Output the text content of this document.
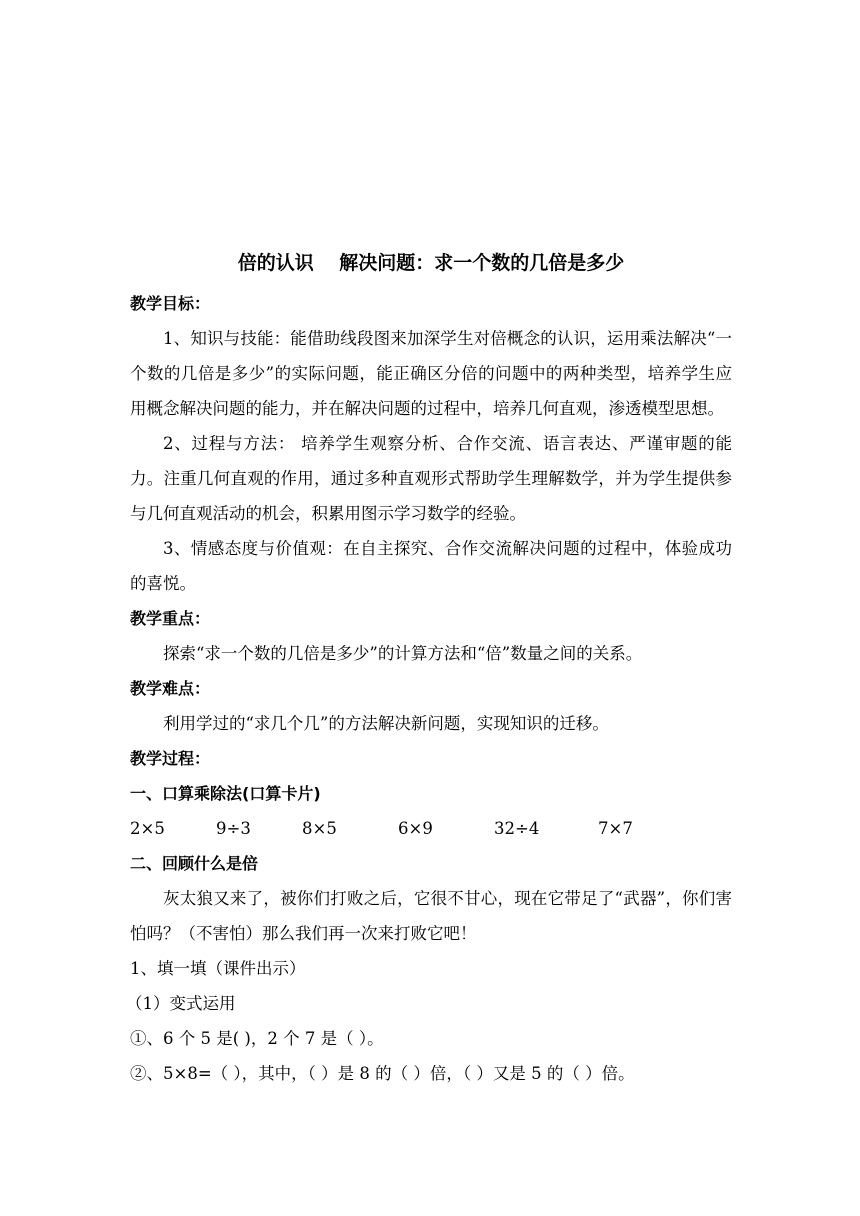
倍的认识　 解决问题：求一个数的几倍是多少

教学目标：

1、知识与技能：能借助线段图来加深学生对倍概念的认识，运用乘法解决“一个数的几倍是多少”的实际问题，能正确区分倍的问题中的两种类型，培养学生应用概念解决问题的能力，并在解决问题的过程中，培养几何直观，渗透模型思想。

2、过程与方法： 培养学生观察分析、合作交流、语言表达、严谨审题的能力。注重几何直观的作用，通过多种直观形式帮助学生理解数学，并为学生提供参与几何直观活动的机会，积累用图示学习数学的经验。

3、情感态度与价值观：在自主探究、合作交流解决问题的过程中，体验成功的喜悦。

教学重点：

探索“求一个数的几倍是多少”的计算方法和“倍”数量之间的关系。

教学难点：

利用学过的“求几个几”的方法解决新问题，实现知识的迁移。

教学过程：

一、口算乘除法(口算卡片)

2×5	9÷3	8×5	6×9	32÷4	7×7

二、回顾什么是倍

灰太狼又来了，被你们打败之后，它很不甘心，现在它带足了“武器”，你们害怕吗？（不害怕）那么我们再一次来打败它吧！

1、填一填（课件出示）

（1）变式运用

①、6 个 5 是( )，2 个 7 是（ ）。

②、5×8=（ ），其中，（ ）是 8 的（ ）倍，（ ）又是 5 的（ ）倍。
